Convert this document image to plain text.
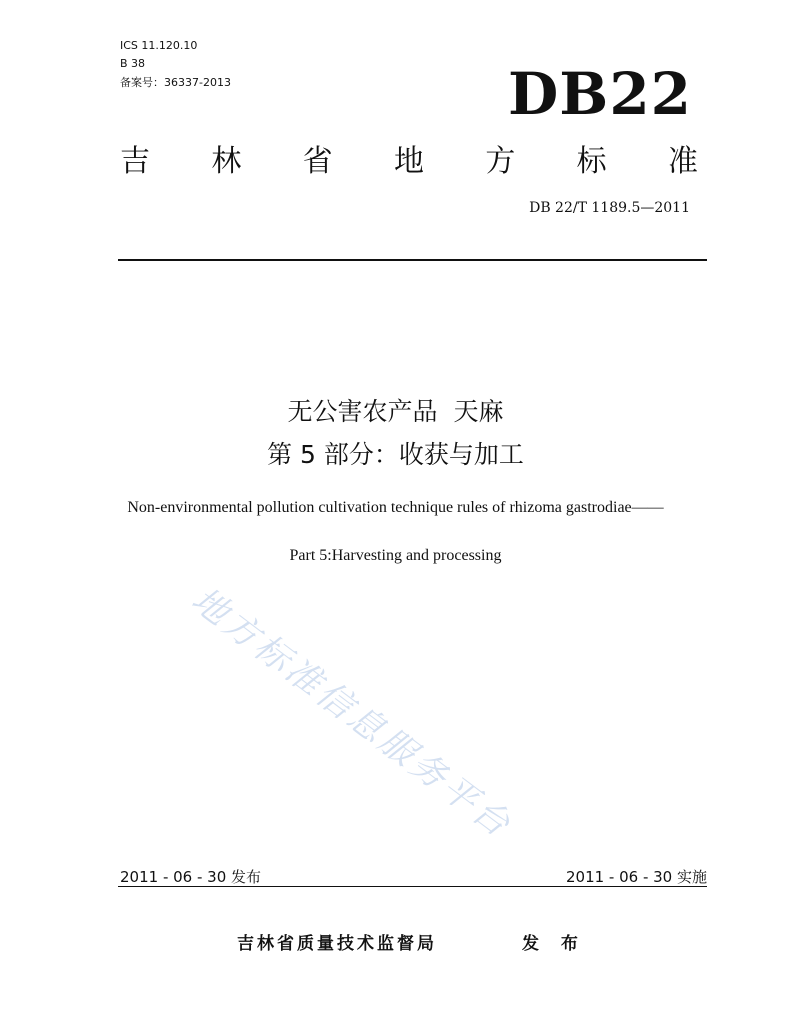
ICS 11.120.10
B 38
备案号：36337-2013	DB22
吉 林 省 地 方 标 准
DB 22/T 1189.5—2011
无公害农产品  天麻
第 5 部分：收获与加工
Non-environmental pollution cultivation technique rules of rhizoma gastrodiae——
Part 5:Harvesting and processing
地方标准信息服务平台
2011 - 06 - 30 发布	2011 - 06 - 30 实施
吉林省质量技术监督局	发 布
